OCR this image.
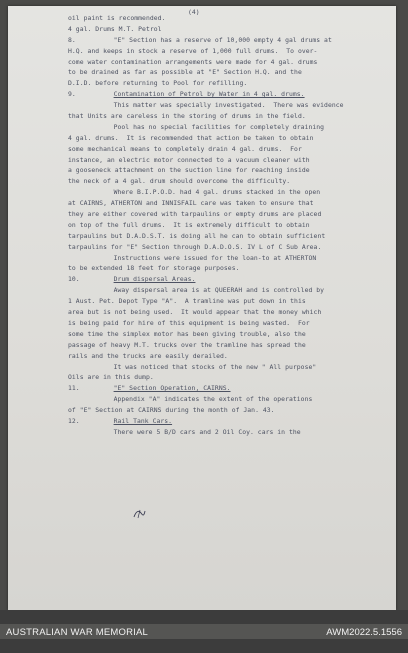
(4)
oil paint is recommended.
4 gal. Drums M.T. Petrol
8.	"E" Section has a reserve of 10,000 empty 4 gal drums at
H.Q. and keeps in stock a reserve of 1,000 full drums.  To over-
come water contamination arrangements were made for 4 gal. drums
to be drained as far as possible at "E" Section H.Q. and the
D.I.D. before returning to Pool for refilling.
9.	Contamination of Petrol by Water in 4 gal. drums.
This matter was specially investigated.  There was evidence
that Units are careless in the storing of drums in the field.
Pool has no special facilities for completely draining
4 gal. drums.  It is recommended that action be taken to obtain
some mechanical means to completely drain 4 gal. drums.  For
instance, an electric motor connected to a vacuum cleaner with
a gooseneck attachment on the suction line for reaching inside
the neck of a 4 gal. drum should overcome the difficulty.
Where B.I.P.O.D. had 4 gal. drums stacked in the open
at CAIRNS, ATHERTON and INNISFAIL care was taken to ensure that
they are either covered with tarpaulins or empty drums are placed
on top of the full drums.  It is extremely difficult to obtain
tarpaulins but D.A.D.S.T. is doing all he can to obtain sufficient
tarpaulins for "E" Section through D.A.D.O.S. IV L of C Sub Area.
Instructions were issued for the loan-to at ATHERTON
to be extended 18 feet for storage purposes.
10.	Drum dispersal Areas.
Away dispersal area is at QUEERAH and is controlled by
1 Aust. Pet. Depot Type "A".  A tramline was put down in this
area but is not being used.  It would appear that the money which
is being paid for hire of this equipment is being wasted.  For
some time the simplex motor has been giving trouble, also the
passage of heavy M.T. trucks over the tramline has spread the
rails and the trucks are easily derailed.
It was noticed that stocks of the new " All purpose"
Oils are in this dump.
11.	"E" Section Operation, CAIRNS.
Appendix "A" indicates the extent of the operations
of "E" Section at CAIRNS during the month of Jan. 43.
12.	Rail Tank Cars.
There were 5 B/D cars and 2 Oil Coy. cars in the
AUSTRALIAN WAR MEMORIAL	AWM2022.5.1556
